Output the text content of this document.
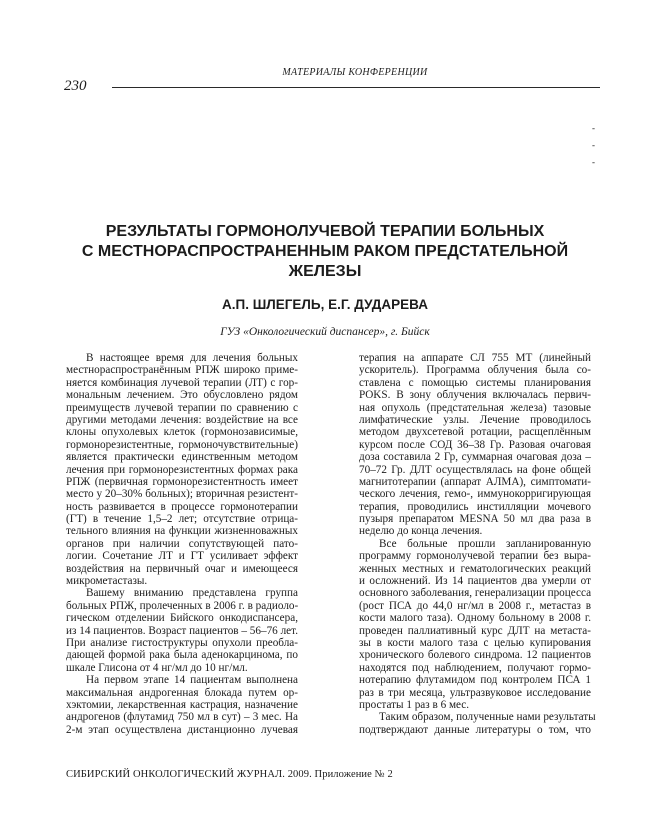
230
МАТЕРИАЛЫ КОНФЕРЕНЦИИ
-
-
-
РЕЗУЛЬТАТЫ ГОРМОНОЛУЧЕВОЙ ТЕРАПИИ БОЛЬНЫХ
С МЕСТНОРАСПРОСТРАНЕННЫМ РАКОМ ПРЕДСТАТЕЛЬНОЙ
ЖЕЛЕЗЫ
А.П. ШЛЕГЕЛЬ, Е.Г. ДУДАРЕВА
ГУЗ «Онкологический диспансер», г. Бийск
В настоящее время для лечения больных
местнораспространённым РПЖ широко приме-
няется комбинация лучевой терапии (ЛТ) с гор-
мональным лечением. Это обусловлено рядом
преимуществ лучевой терапии по сравнению с
другими методами лечения: воздействие на все
клоны опухолевых клеток (гормонозависимые,
гормонорезистентные, гормоночувствительные)
является практически единственным методом
лечения при гормонорезистентных формах рака
РПЖ (первичная гормонорезистентность имеет
место у 20–30% больных); вторичная резистент-
ность развивается в процессе гормонотерапии
(ГТ) в течение 1,5–2 лет; отсутствие отрица-
тельного влияния на функции жизненноважных
органов при наличии сопутствующей пато-
логии. Сочетание ЛТ и ГТ усиливает эффект
воздействия на первичный очаг и имеющееся
микрометастазы.
Вашему вниманию представлена группа
больных РПЖ, пролеченных в 2006 г. в радиоло-
гическом отделении Бийского онкодиспансера,
из 14 пациентов. Возраст пациентов – 56–76 лет.
При анализе гистоструктуры опухоли преобла-
дающей формой рака была аденокарцинома, по
шкале Глисона от 4 нг/мл до 10 нг/мл.
На первом этапе 14 пациентам выполнена
максимальная андрогенная блокада путем ор-
хэктомии, лекарственная кастрация, назначение
андрогенов (флутамид 750 мл в сут) – 3 мес. На
2-м этап осуществлена дистанционно лучевая
терапия на аппарате СЛ 755 МТ (линейный
ускоритель). Программа облучения была со-
ставлена с помощью системы планирования
POKS. В зону облучения включалась первич-
ная опухоль (предстательная железа) тазовые
лимфатические узлы. Лечение проводилось
методом двухсетевой ротации, расщеплённым
курсом после СОД 36–38 Гр. Разовая очаговая
доза составила 2 Гр, суммарная очаговая доза –
70–72 Гр. ДЛТ осуществлялась на фоне общей
магнитотерапии (аппарат АЛМА), симптомати-
ческого лечения, гемо-, иммунокорригирующая
терапия, проводились инстилляции мочевого
пузыря препаратом MESNA 50 мл два раза в
неделю до конца лечения.
Все больные прошли запланированную
программу гормонолучевой терапии без выра-
женных местных и гематологических реакций
и осложнений. Из 14 пациентов два умерли от
основного заболевания, генерализации процесса
(рост ПСА до 44,0 нг/мл в 2008 г., метастаз в
кости малого таза). Одному больному в 2008 г.
проведен паллиативный курс ДЛТ на метаста-
зы в кости малого таза с целью купирования
хронического болевого синдрома. 12 пациентов
находятся под наблюдением, получают гормо-
нотерапию флутамидом под контролем ПСА 1
раз в три месяца, ультразвуковое исследование
простаты 1 раз в 6 мес.
Таким образом, полученные нами результаты
подтверждают данные литературы о том, что
СИБИРСКИЙ ОНКОЛОГИЧЕСКИЙ ЖУРНАЛ. 2009. Приложение № 2
